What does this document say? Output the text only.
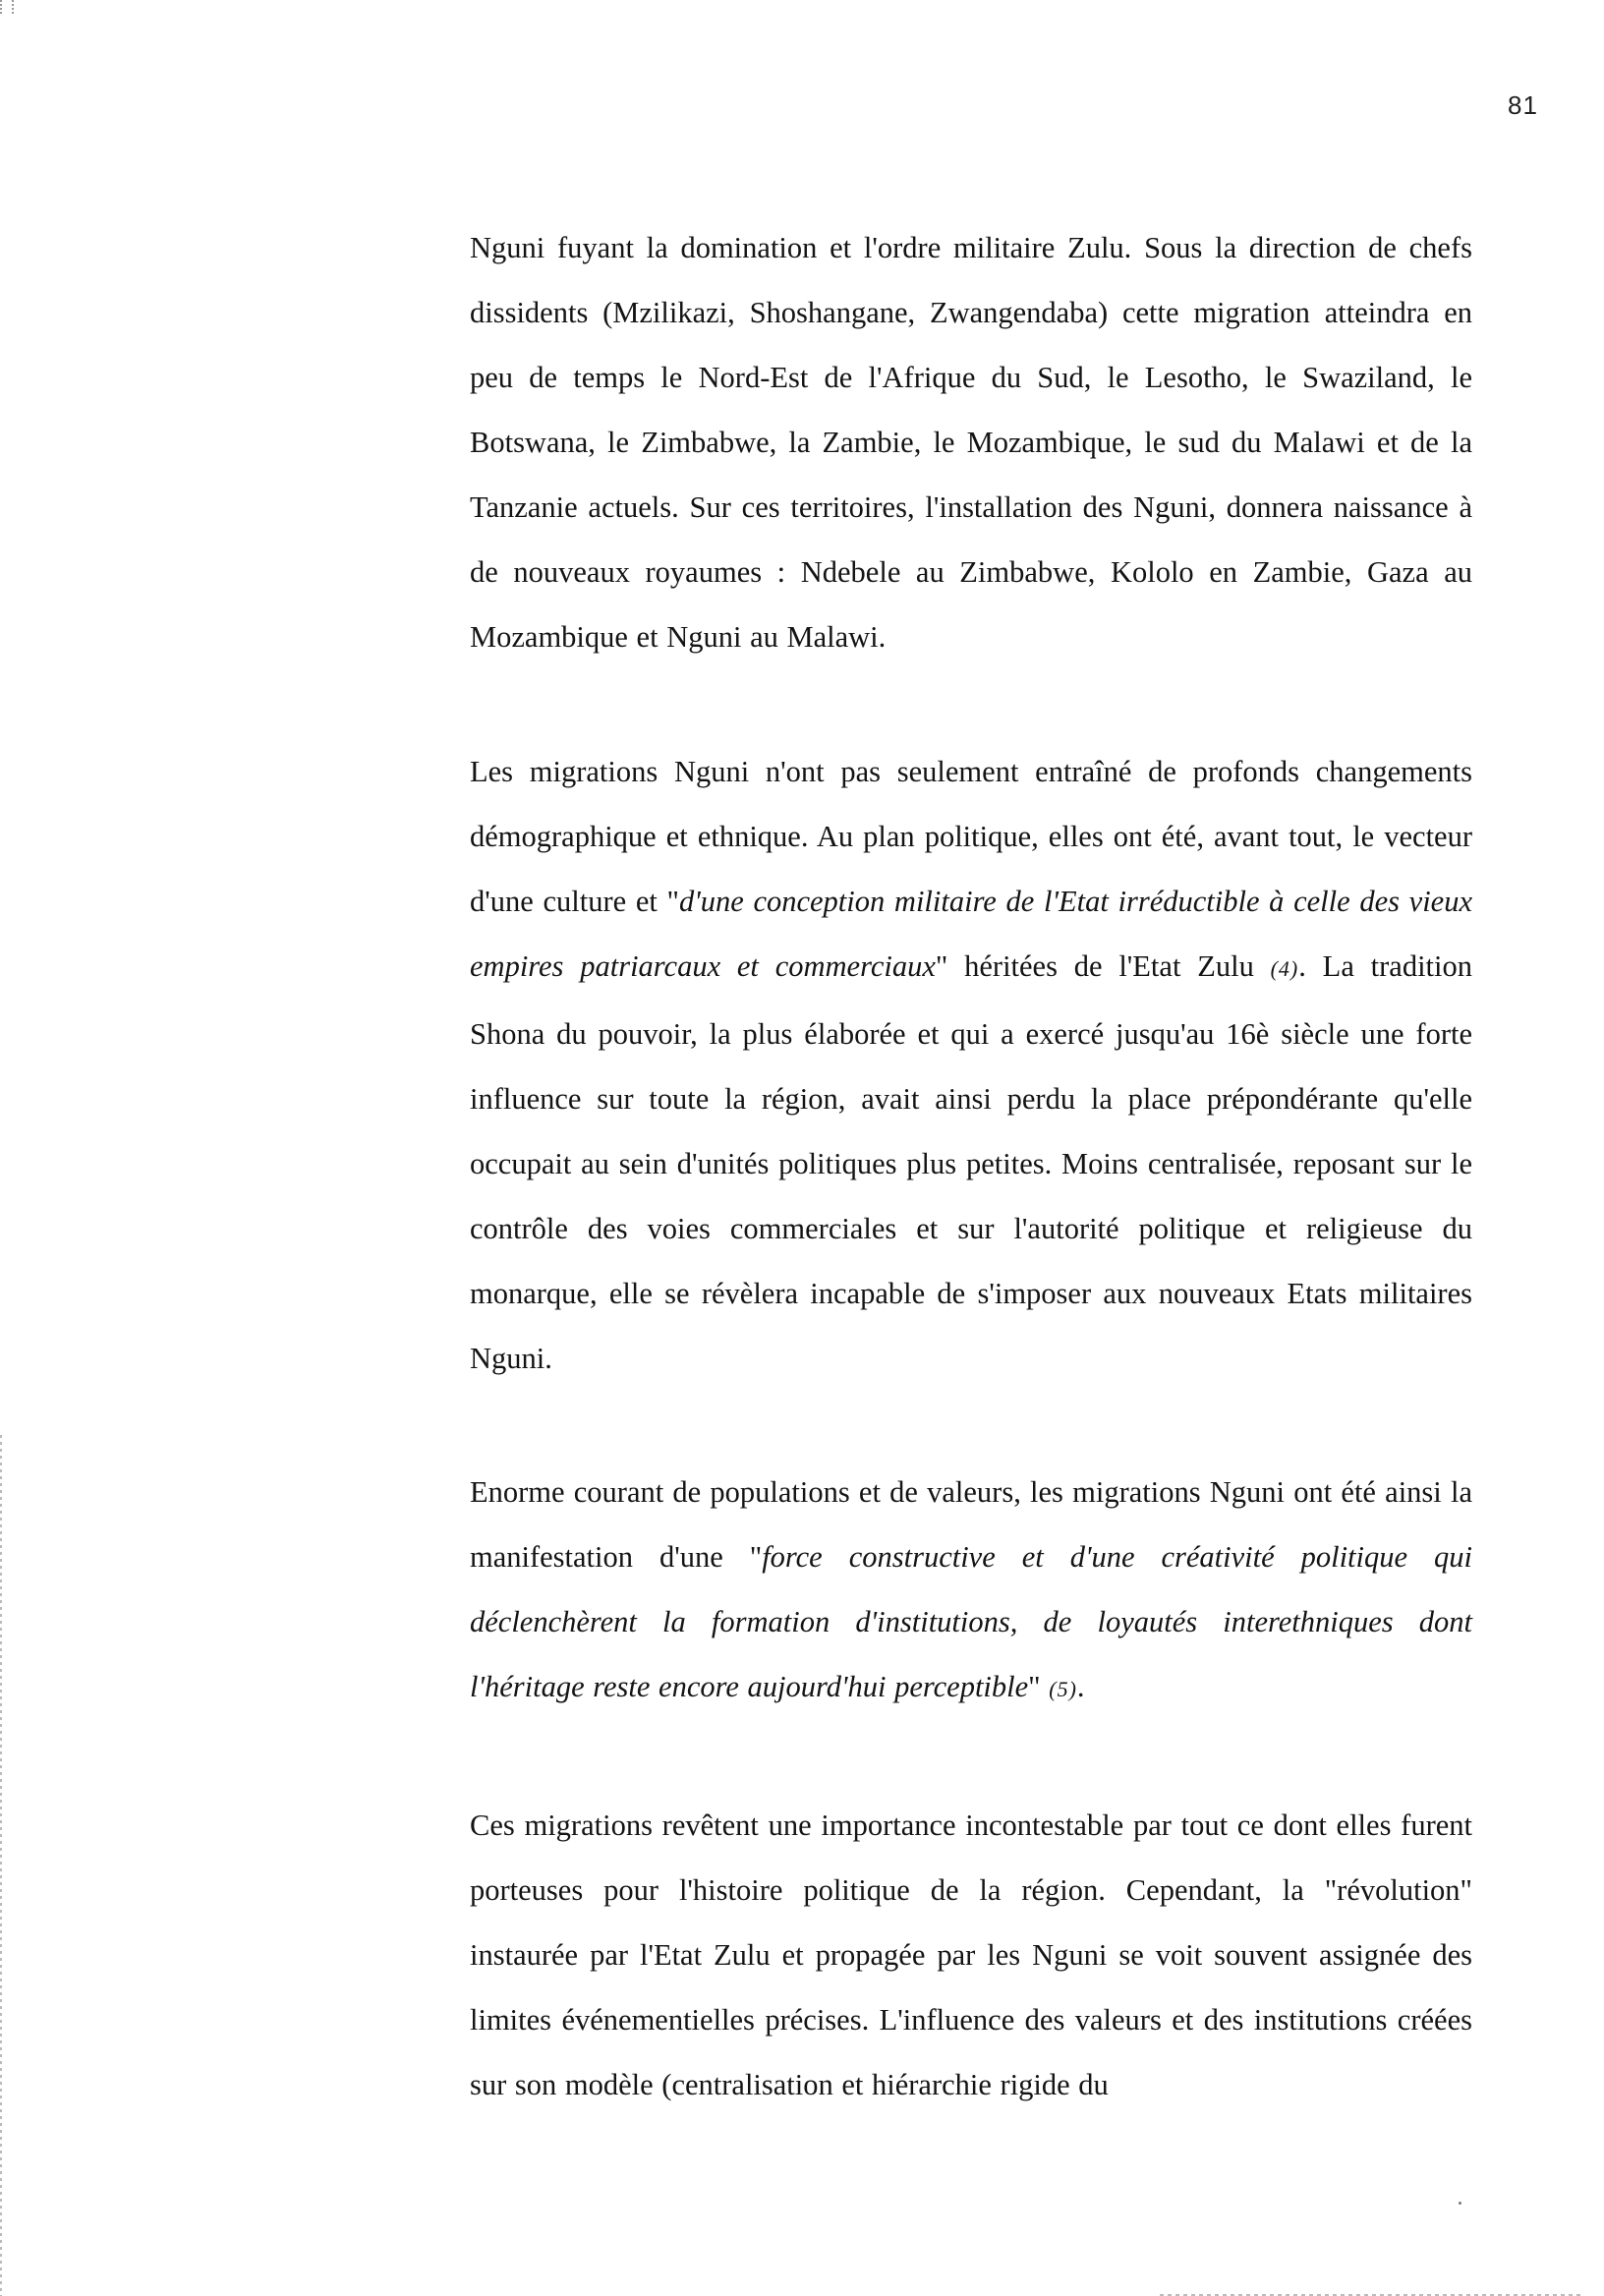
81

Nguni fuyant la domination et l'ordre militaire Zulu. Sous la direction de chefs dissidents (Mzilikazi, Shoshangane, Zwangendaba) cette migration atteindra en peu de temps le Nord-Est de l'Afrique du Sud, le Lesotho, le Swaziland, le Botswana, le Zimbabwe, la Zambie, le Mozambique, le sud du Malawi et de la Tanzanie actuels. Sur ces territoires, l'installation des Nguni, donnera naissance à de nouveaux royaumes : Ndebele au Zimbabwe, Kololo en Zambie, Gaza au Mozambique et Nguni au Malawi.

Les migrations Nguni n'ont pas seulement entraîné de profonds changements démographique et ethnique. Au plan politique, elles ont été, avant tout, le vecteur d'une culture et "d'une conception militaire de l'Etat irréductible à celle des vieux empires patriarcaux et commerciaux" héritées de l'Etat Zulu (4). La tradition Shona du pouvoir, la plus élaborée et qui a exercé jusqu'au 16è siècle une forte influence sur toute la région, avait ainsi perdu la place prépondérante qu'elle occupait au sein d'unités politiques plus petites. Moins centralisée, reposant sur le contrôle des voies commerciales et sur l'autorité politique et religieuse du monarque, elle se révèlera incapable de s'imposer aux nouveaux Etats militaires Nguni.

Enorme courant de populations et de valeurs, les migrations Nguni ont été ainsi la manifestation d'une "force constructive et d'une créativité politique qui déclenchèrent la formation d'institutions, de loyautés interethniques dont l'héritage reste encore aujourd'hui perceptible" (5).

Ces migrations revêtent une importance incontestable par tout ce dont elles furent porteuses pour l'histoire politique de la région. Cependant, la "révolution" instaurée par l'Etat Zulu et propagée par les Nguni se voit souvent assignée des limites événementielles précises. L'influence des valeurs et des institutions créées sur son modèle (centralisation et hiérarchie rigide du
